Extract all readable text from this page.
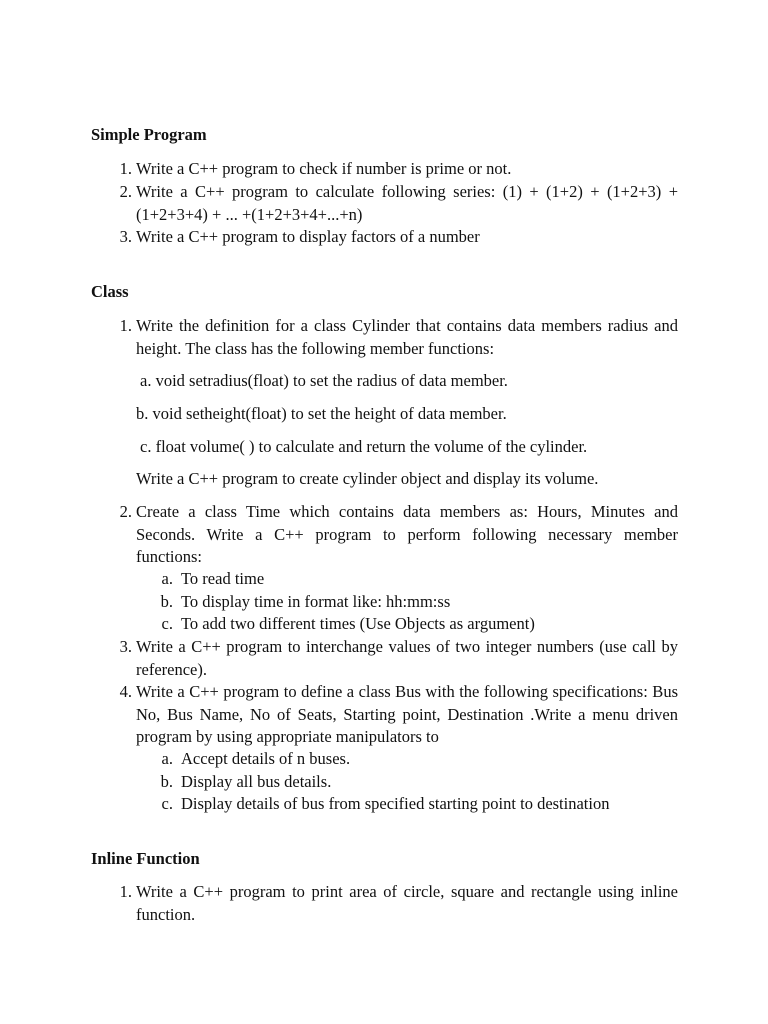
Simple Program
1. Write a C++ program to check if number is prime or not.
2. Write a C++ program to calculate following series: (1) + (1+2) + (1+2+3) + (1+2+3+4) + ... +(1+2+3+4+...+n)
3. Write a C++ program to display factors of a number
Class
1. Write the definition for a class Cylinder that contains data members radius and height. The class has the following member functions:

a. void setradius(float) to set the radius of data member.

b. void setheight(float) to set the height of data member.

c. float volume( ) to calculate and return the volume of the cylinder.

Write a C++ program to create cylinder object and display its volume.

2. Create a class Time which contains data members as: Hours, Minutes and Seconds. Write a C++ program to perform following necessary member functions:
a. To read time
b. To display time in format like: hh:mm:ss
c. To add two different times (Use Objects as argument)
3. Write a C++ program to interchange values of two integer numbers (use call by reference).
4. Write a C++ program to define a class Bus with the following specifications: Bus No, Bus Name, No of Seats, Starting point, Destination .Write a menu driven program by using appropriate manipulators to
a. Accept details of n buses.
b. Display all bus details.
c. Display details of bus from specified starting point to destination
Inline Function
1. Write a C++ program to print area of circle, square and rectangle using inline function.
